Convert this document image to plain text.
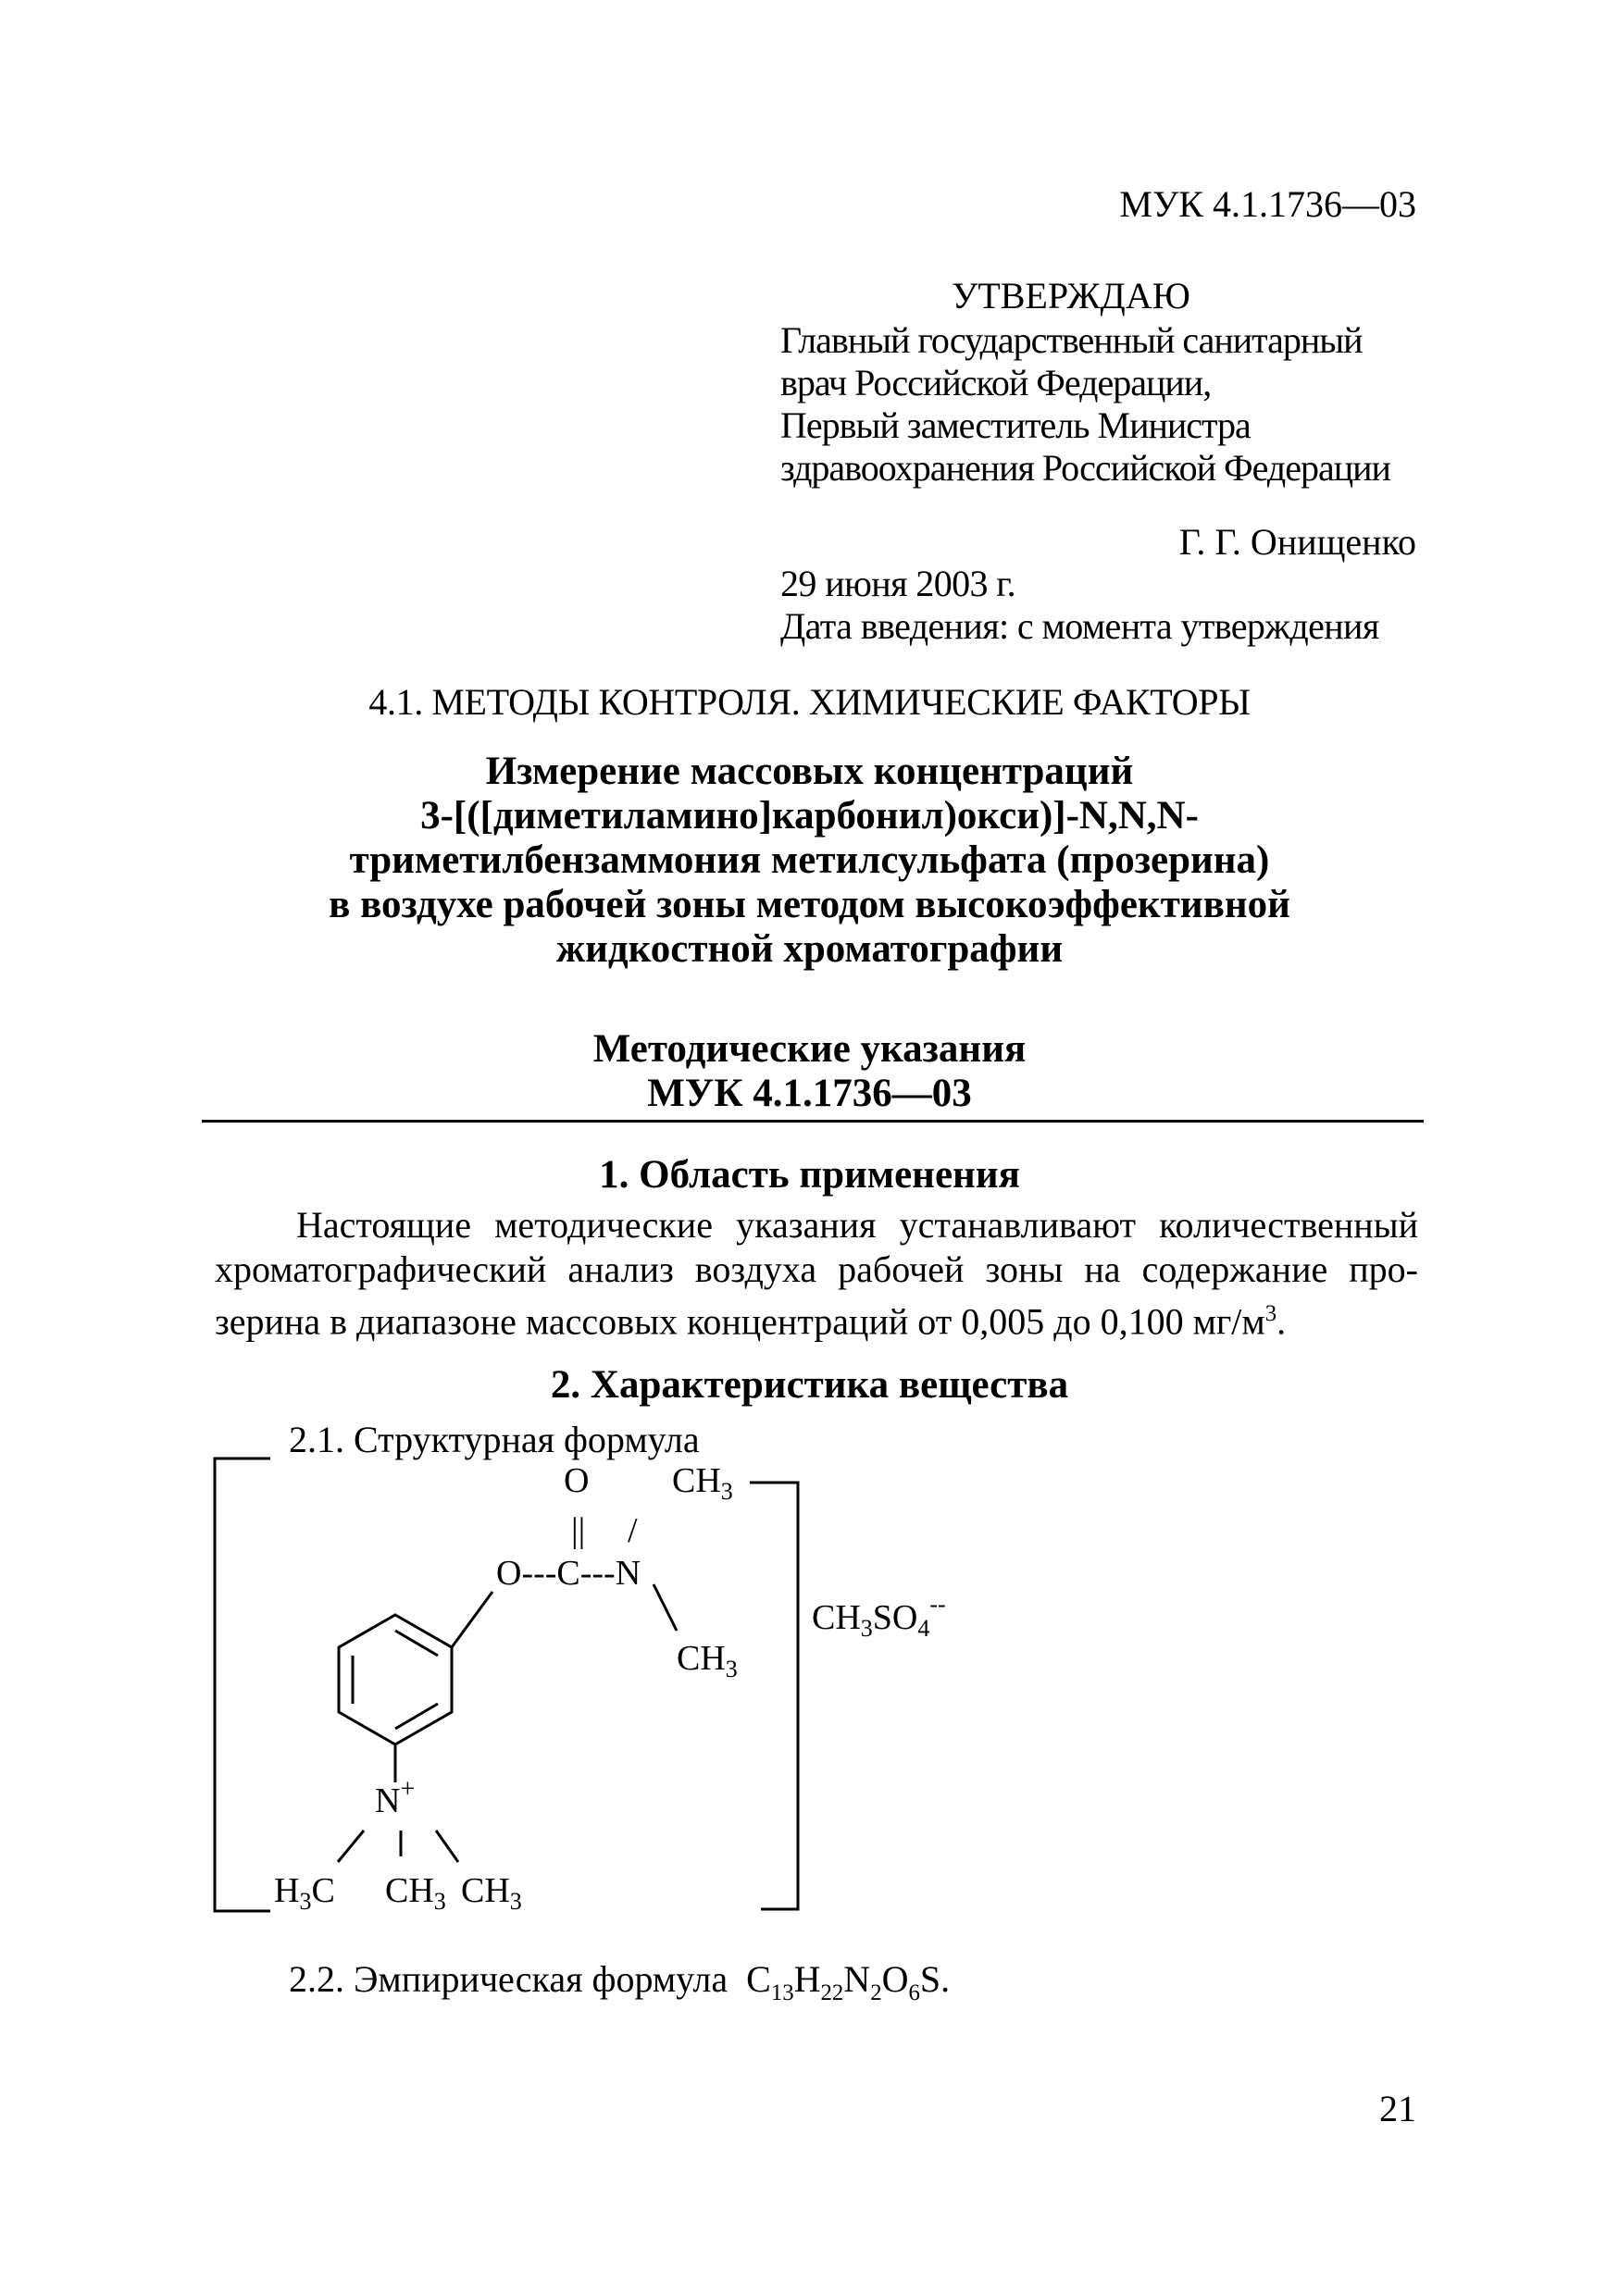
МУК 4.1.1736—03
УТВЕРЖДАЮ
Главный государственный санитарный
врач Российской Федерации,
Первый заместитель Министра
здравоохранения Российской Федерации
Г. Г. Онищенко
29 июня 2003 г.
Дата введения: с момента утверждения
4.1. МЕТОДЫ КОНТРОЛЯ. ХИМИЧЕСКИЕ ФАКТОРЫ
Измерение массовых концентраций
3-[([диметиламино]карбонил)окси)]-N,N,N-
триметилбензаммония метилсульфата (прозерина)
в воздухе рабочей зоны методом высокоэффективной
жидкостной хроматографии
Методические указания
МУК 4.1.1736—03
1. Область применения
Настоящие методические указания устанавливают количественный
хроматографический анализ воздуха рабочей зоны на содержание про-
зерина в диапазоне массовых концентраций от 0,005 до 0,100 $мг/м^3$.
2. Характеристика вещества
2.1. Структурная формула
O $CH_3$
|| /
O---C---N
$CH_3$
$CH_3SO_4^{--}$
N+
$H_3C$ $CH_3$ $CH_3$
2.2. Эмпирическая формула $C_{13}H_{22}N_2O_6S$.
21
